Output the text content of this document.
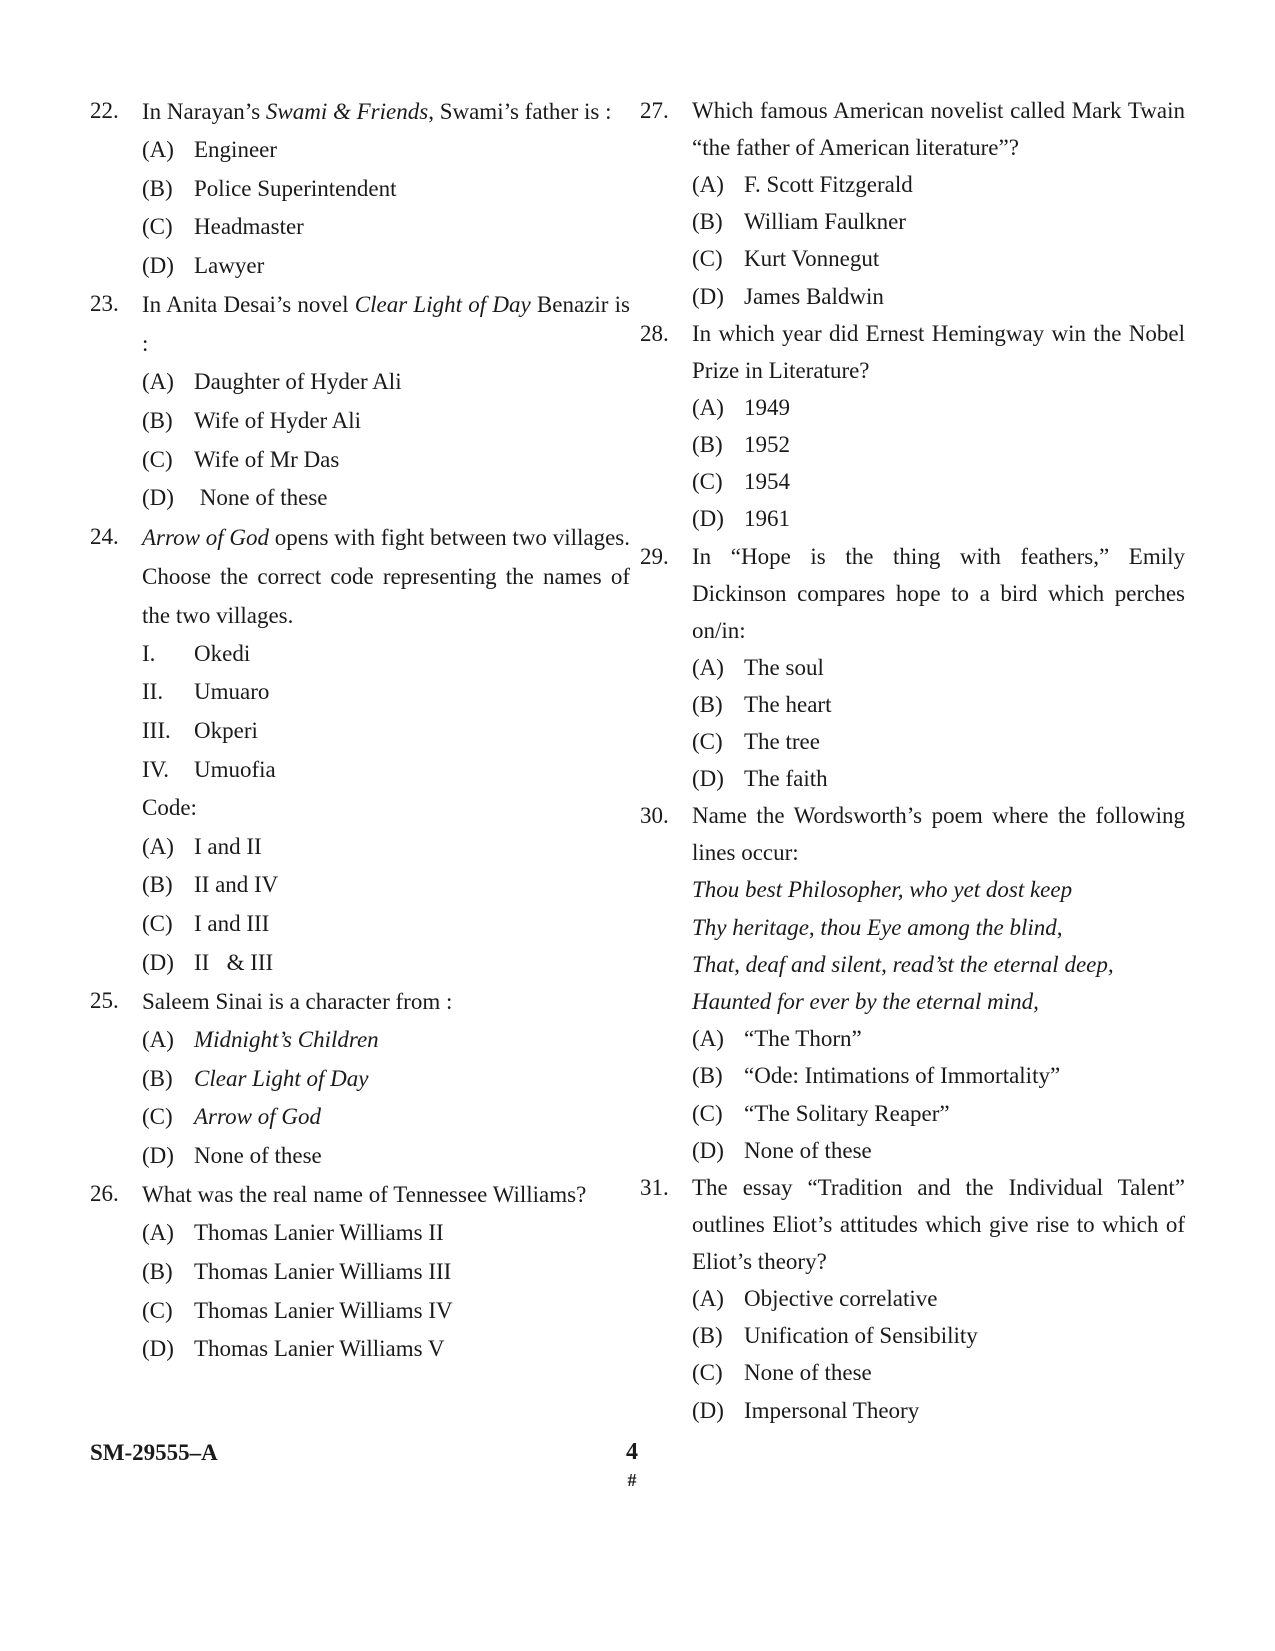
22.	In Narayan’s Swami & Friends, Swami’s father is :
(A) Engineer
(B) Police Superintendent
(C) Headmaster
(D) Lawyer
23.	In Anita Desai’s novel Clear Light of Day Benazir is :
(A) Daughter of Hyder Ali
(B) Wife of Hyder Ali
(C) Wife of Mr Das
(D) None of these
24.	Arrow of God opens with fight between two villages. Choose the correct code representing the names of the two villages.
I.	Okedi
II.	Umuaro
III.	Okperi
IV.	Umuofia
Code:
(A) I and II
(B) II and IV
(C) I and III
(D) II   & III
25.	Saleem Sinai is a character from :
(A) Midnight’s Children
(B) Clear Light of Day
(C) Arrow of God
(D) None of these
26.	What was the real name of Tennessee Williams?
(A) Thomas Lanier Williams II
(B) Thomas Lanier Williams III
(C) Thomas Lanier Williams IV
(D) Thomas Lanier Williams V
27.	Which famous American novelist called Mark Twain “the father of American literature”?
(A) F. Scott Fitzgerald
(B) William Faulkner
(C) Kurt Vonnegut
(D) James Baldwin
28.	In which year did Ernest Hemingway win the Nobel Prize in Literature?
(A) 1949
(B) 1952
(C) 1954
(D) 1961
29.	In “Hope is the thing with feathers,” Emily Dickinson compares hope to a bird which perches on/in:
(A) The soul
(B) The heart
(C) The tree
(D) The faith
30.	Name the Wordsworth’s poem where the following lines occur:
Thou best Philosopher, who yet dost keep
Thy heritage, thou Eye among the blind,
That, deaf and silent, read’st the eternal deep,
Haunted for ever by the eternal mind,
(A) “The Thorn”
(B) “Ode: Intimations of Immortality”
(C) “The Solitary Reaper”
(D) None of these
31.	The essay “Tradition and the Individual Talent” outlines Eliot’s attitudes which give rise to which of Eliot’s theory?
(A) Objective correlative
(B) Unification of Sensibility
(C) None of these
(D) Impersonal Theory
SM-29555–A	4
#
